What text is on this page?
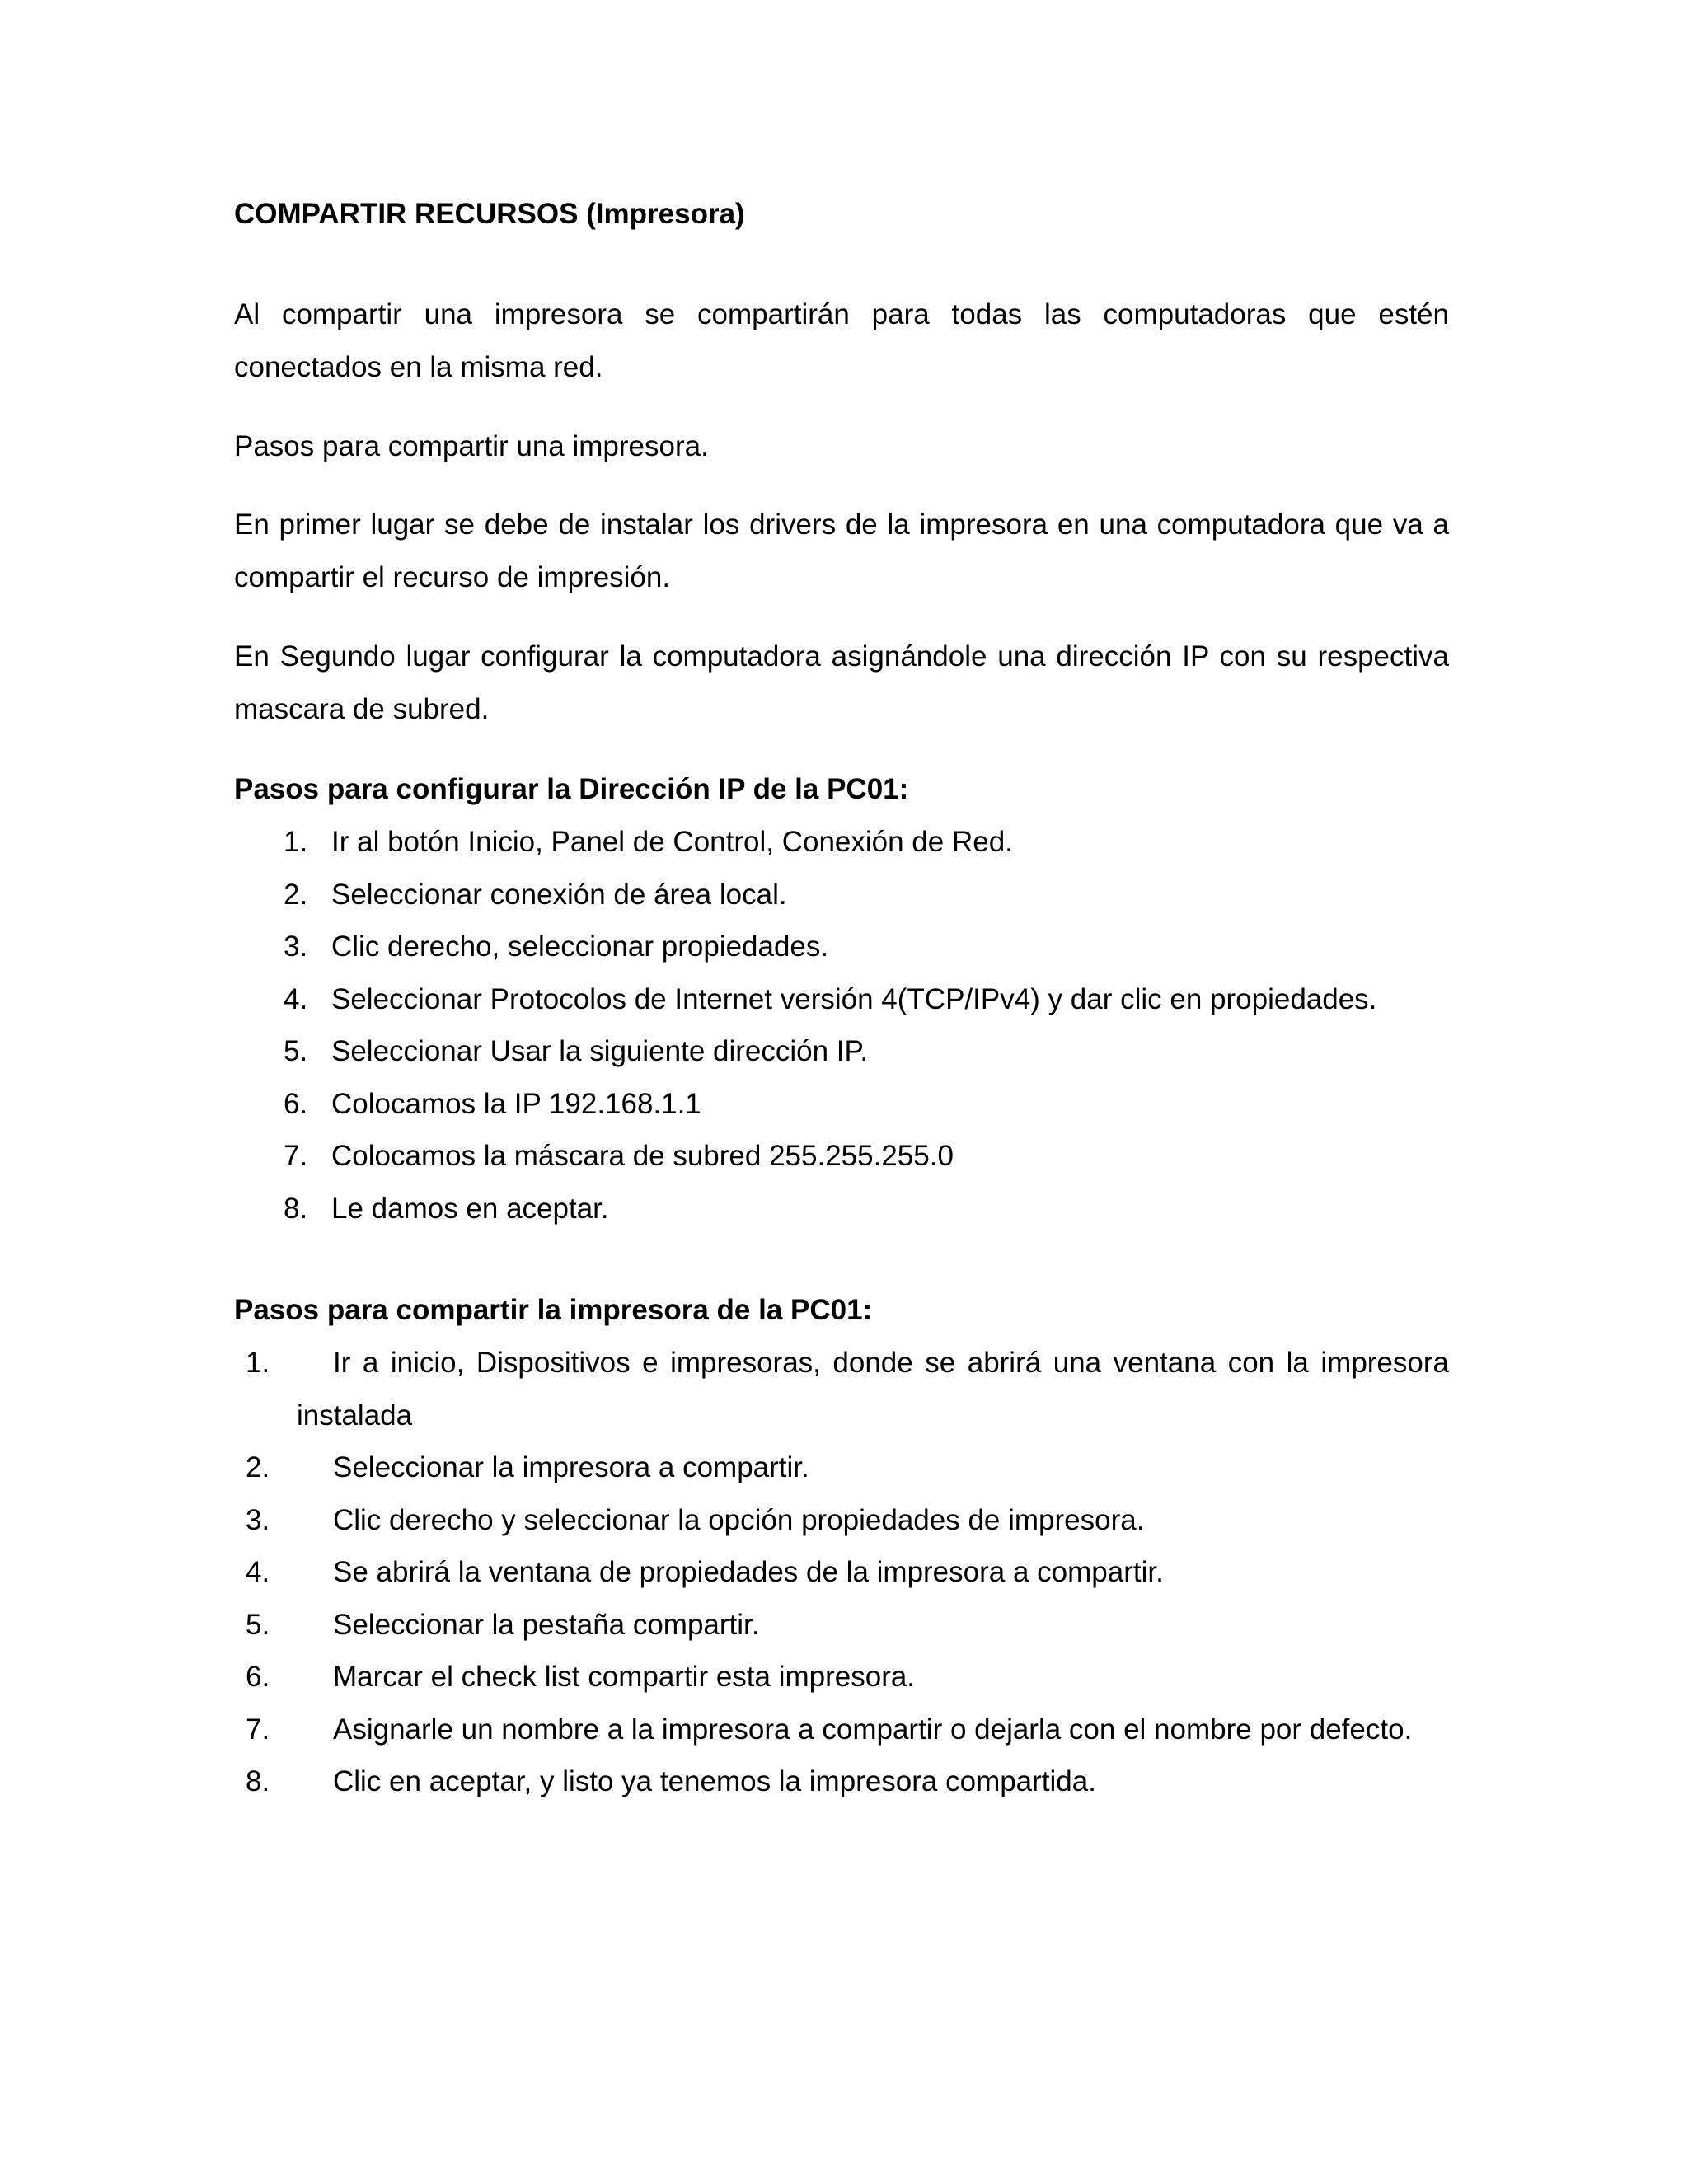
COMPARTIR RECURSOS (Impresora)
Al compartir una impresora se compartirán para todas las computadoras que estén conectados en la misma red.
Pasos para compartir una impresora.
En primer lugar se debe de instalar los drivers de la impresora en una computadora que va a compartir el recurso de impresión.
En Segundo lugar configurar la computadora asignándole una dirección IP con su respectiva mascara de subred.
Pasos para configurar la Dirección IP de la PC01:
1. Ir al botón Inicio, Panel de Control, Conexión de Red.
2. Seleccionar conexión de área local.
3. Clic derecho, seleccionar propiedades.
4. Seleccionar Protocolos de Internet versión 4(TCP/IPv4) y dar clic en propiedades.
5. Seleccionar Usar la siguiente dirección IP.
6. Colocamos la IP 192.168.1.1
7. Colocamos la máscara de subred 255.255.255.0
8. Le damos en aceptar.
Pasos para compartir la impresora de la PC01:
1.	Ir a inicio, Dispositivos e impresoras, donde se abrirá una ventana con la impresora instalada
2.	Seleccionar la impresora a compartir.
3.	Clic derecho y seleccionar la opción propiedades de impresora.
4.	Se abrirá la ventana de propiedades de la impresora a compartir.
5.	Seleccionar la pestaña compartir.
6.	Marcar el check list compartir esta impresora.
7.	Asignarle un nombre a la impresora a compartir o dejarla con el nombre por defecto.
8.	Clic en aceptar, y listo ya tenemos la impresora compartida.
